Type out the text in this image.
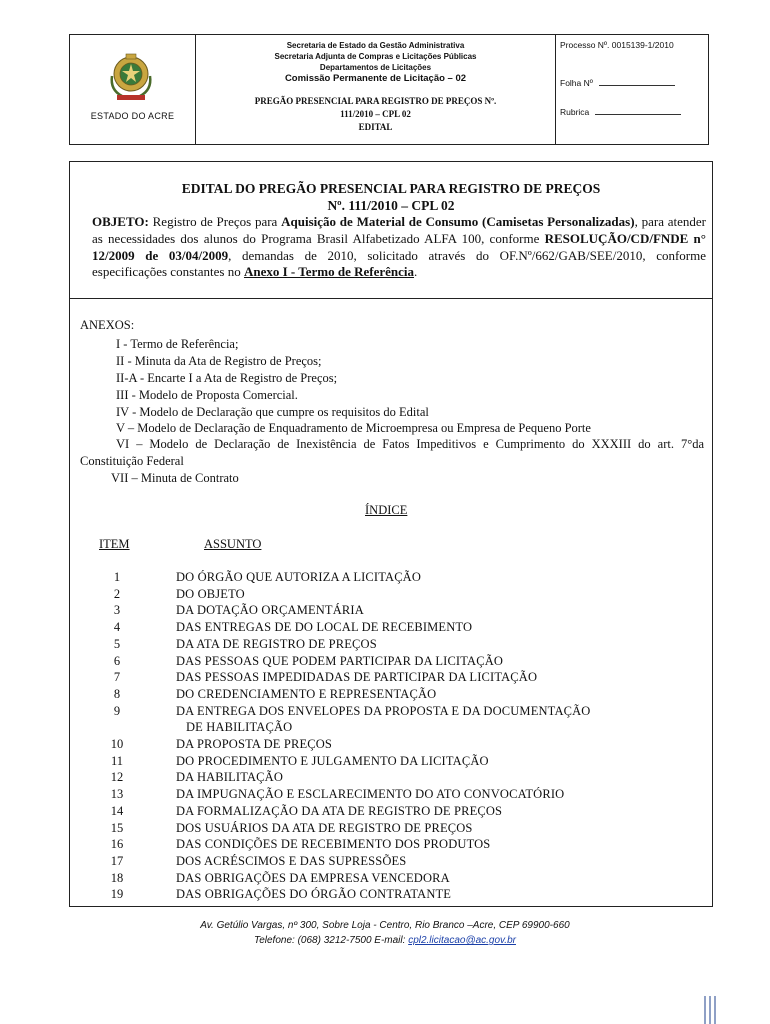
ESTADO DO ACRE
Secretaria de Estado da Gestão Administrativa
Secretaria Adjunta de Compras e Licitações Públicas
Departamentos de Licitações
Comissão Permanente de Licitação – 02
PREGÃO PRESENCIAL PARA REGISTRO DE PREÇOS Nº.
111/2010 – CPL 02
EDITAL
Processo Nº. 0015139-1/2010
Folha Nº
Rubrica
EDITAL DO PREGÃO PRESENCIAL PARA REGISTRO DE PREÇOS
Nº. 111/2010 – CPL 02
OBJETO: Registro de Preços para Aquisição de Material de Consumo (Camisetas Personalizadas), para atender as necessidades dos alunos do Programa Brasil Alfabetizado ALFA 100, conforme RESOLUÇÃO/CD/FNDE n° 12/2009 de 03/04/2009, demandas de 2010, solicitado através do OF.Nº/662/GAB/SEE/2010, conforme especificações constantes no Anexo I - Termo de Referência.
ANEXOS:
I - Termo de Referência;
II - Minuta da Ata de Registro de Preços;
II-A - Encarte I a Ata de Registro de Preços;
III - Modelo de Proposta Comercial.
IV - Modelo de Declaração que cumpre os requisitos do Edital
V – Modelo de Declaração de Enquadramento de Microempresa ou Empresa de Pequeno Porte
VI – Modelo de Declaração de Inexistência de Fatos Impeditivos e Cumprimento do XXXIII do art. 7°da Constituição Federal
VII – Minuta de Contrato
ÍNDICE
ITEM	ASSUNTO
1	DO ÓRGÃO QUE AUTORIZA A LICITAÇÃO
2	DO OBJETO
3	DA DOTAÇÃO ORÇAMENTÁRIA
4	DAS ENTREGAS DE DO LOCAL DE RECEBIMENTO
5	DA ATA DE REGISTRO DE PREÇOS
6	DAS PESSOAS QUE PODEM PARTICIPAR DA LICITAÇÃO
7	DAS PESSOAS IMPEDIDADAS DE PARTICIPAR DA LICITAÇÃO
8	DO CREDENCIAMENTO E REPRESENTAÇÃO
9	DA ENTREGA DOS ENVELOPES DA PROPOSTA E DA DOCUMENTAÇÃO
DE HABILITAÇÃO
10	DA PROPOSTA DE PREÇOS
11	DO PROCEDIMENTO E JULGAMENTO DA LICITAÇÃO
12	DA HABILITAÇÃO
13	DA IMPUGNAÇÃO E ESCLARECIMENTO DO ATO CONVOCATÓRIO
14	DA FORMALIZAÇÃO DA ATA DE REGISTRO DE PREÇOS
15	DOS USUÁRIOS DA ATA DE REGISTRO DE PREÇOS
16	DAS CONDIÇÕES DE RECEBIMENTO DOS PRODUTOS
17	DOS ACRÉSCIMOS E DAS SUPRESSÕES
18	DAS OBRIGAÇÕES DA EMPRESA VENCEDORA
19	DAS OBRIGAÇÕES DO ÓRGÃO CONTRATANTE
Av. Getúlio Vargas, nº 300, Sobre Loja - Centro, Rio Branco –Acre, CEP 69900-660
Telefone: (068) 3212-7500 E-mail: cpl2.licitacao@ac.gov.br
